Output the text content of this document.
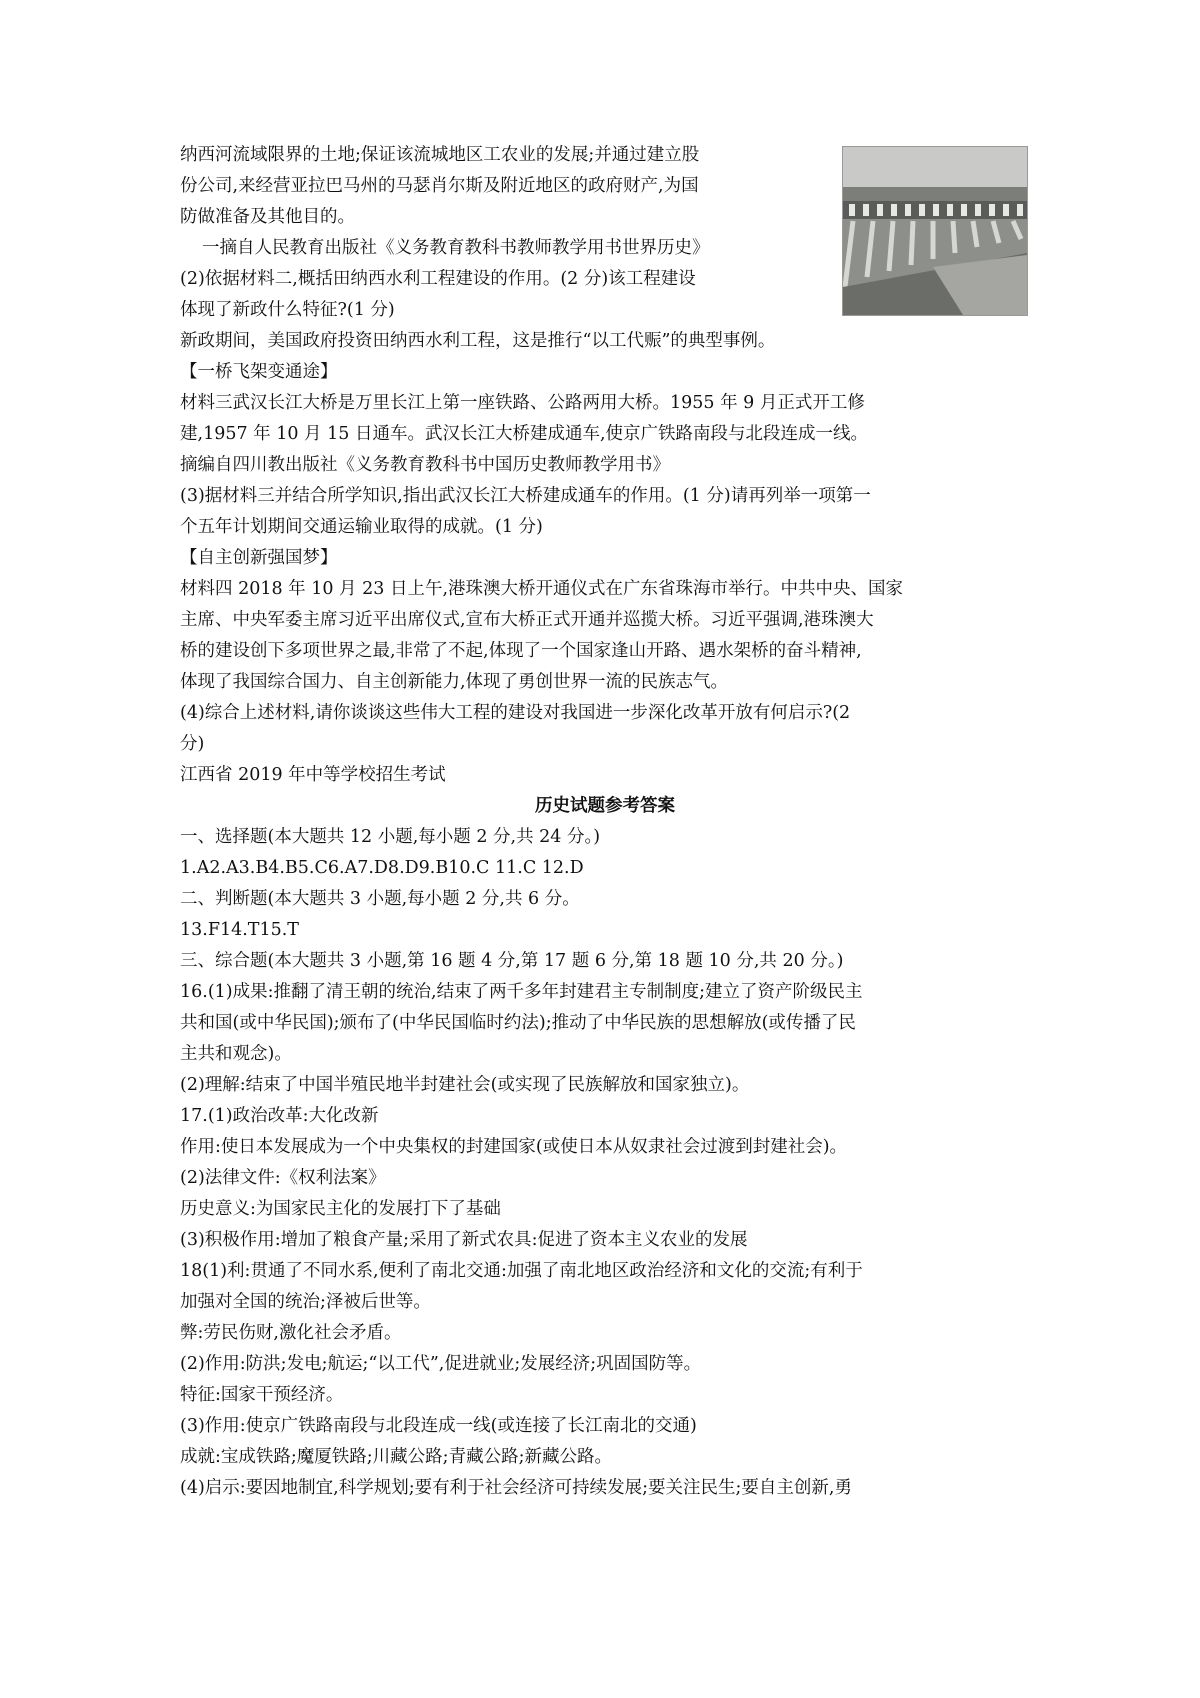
纳西河流域限界的土地;保证该流城地区工农业的发展;并通过建立股

份公司,来经营亚拉巴马州的马瑟肖尔斯及附近地区的政府财产,为国

防做准备及其他目的。

一摘自人民教育出版社《义务教育教科书教师教学用书世界历史》

(2)依据材料二,概括田纳西水利工程建设的作用。(2 分)该工程建设

体现了新政什么特征?(1 分)

新政期间，美国政府投资田纳西水利工程，这是推行“以工代赈”的典型事例。

【一桥飞架变通途】

材料三武汉长江大桥是万里长江上第一座铁路、公路两用大桥。1955 年 9 月正式开工修

建,1957 年 10 月 15 日通车。武汉长江大桥建成通车,使京广铁路南段与北段连成一线。

摘编自四川教出版社《义务教育教科书中国历史教师教学用书》

(3)据材料三并结合所学知识,指出武汉长江大桥建成通车的作用。(1 分)请再列举一项第一

个五年计划期间交通运输业取得的成就。(1 分)

【自主创新强国梦】

材料四 2018 年 10 月 23 日上午,港珠澳大桥开通仪式在广东省珠海市举行。中共中央、国家

主席、中央军委主席习近平出席仪式,宣布大桥正式开通并巡揽大桥。习近平强调,港珠澳大

桥的建设创下多项世界之最,非常了不起,体现了一个国家逢山开路、遇水架桥的奋斗精神,

体现了我国综合国力、自主创新能力,体现了勇创世界一流的民族志气。

(4)综合上述材料,请你谈谈这些伟大工程的建设对我国进一步深化改革开放有何启示?(2

分)

江西省 2019 年中等学校招生考试

历史试题参考答案

一、选择题(本大题共 12 小题,每小题 2 分,共 24 分。)

1.A2.A3.B4.B5.C6.A7.D8.D9.B10.C 11.C 12.D

二、判断题(本大题共 3 小题,每小题 2 分,共 6 分。

13.F14.T15.T

三、综合题(本大题共 3 小题,第 16 题 4 分,第 17 题 6 分,第 18 题 10 分,共 20 分。)

16.(1)成果:推翻了清王朝的统治,结束了两千多年封建君主专制制度;建立了资产阶级民主

共和国(或中华民国);颁布了(中华民国临时约法);推动了中华民族的思想解放(或传播了民

主共和观念)。

(2)理解:结束了中国半殖民地半封建社会(或实现了民族解放和国家独立)。

17.(1)政治改革:大化改新

作用:使日本发展成为一个中央集权的封建国家(或使日本从奴隶社会过渡到封建社会)。

(2)法律文件:《权利法案》

历史意义:为国家民主化的发展打下了基础

(3)积极作用:增加了粮食产量;采用了新式农具:促进了资本主义农业的发展

18(1)利:贯通了不同水系,便利了南北交通:加强了南北地区政治经济和文化的交流;有利于

加强对全国的统治;泽被后世等。

弊:劳民伤财,激化社会矛盾。

(2)作用:防洪;发电;航运;“以工代”,促进就业;发展经济;巩固国防等。

特征:国家干预经济。

(3)作用:使京广铁路南段与北段连成一线(或连接了长江南北的交通)

成就:宝成铁路;魔厦铁路;川藏公路;青藏公路;新藏公路。

(4)启示:要因地制宜,科学规划;要有利于社会经济可持续发展;要关注民生;要自主创新,勇
